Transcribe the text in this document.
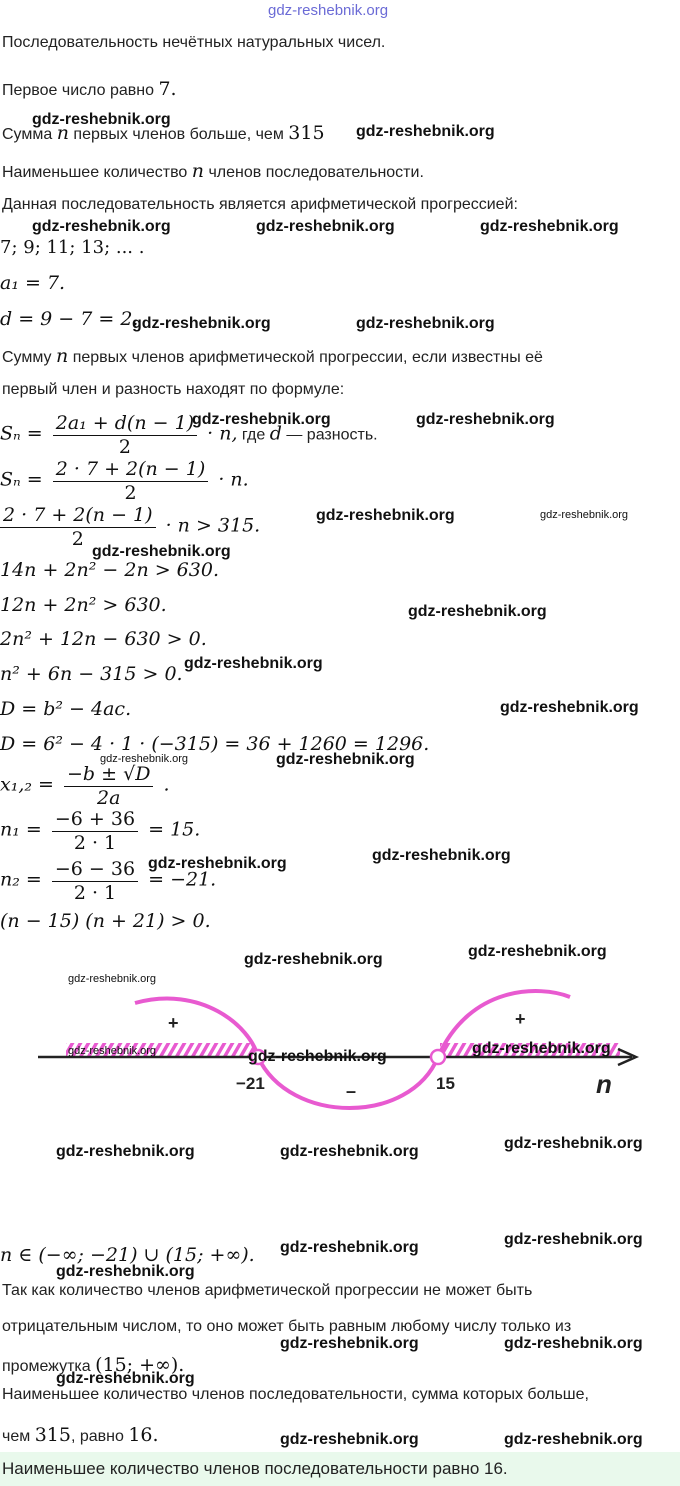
Последовательность нечётных натуральных чисел.
Первое число равно 7.
Сумма n первых членов больше, чем 315
Наименьшее количество n членов последовательности.
Данная последовательность является арифметической прогрессией:
7; 9; 11; 13; ... .
a₁ = 7.
d = 9 − 7 = 2.
Сумму n первых членов арифметической прогрессии, если известны её
первый член и разность находят по формуле:
$S_n = \frac{\text{2a₁ + d(n − 1)}}{2} \cdot n$, где d — разность.
$S_n = \frac{2 \cdot 7 + 2(n - 1)}{2} \cdot n$.
$\frac{2 \cdot 7 + 2(n - 1)}{2} \cdot n > 315$.
14n + 2n² − 2n > 630.
12n + 2n² > 630.
2n² + 12n − 630 > 0.
n² + 6n − 315 > 0.
D = b² − 4ac.
D = 6² − 4 · 1 · (−315) = 36 + 1260 = 1296.
$x_1,_2 = \frac{-b \pm √D}{2a}$ .
$n_1 = \frac{-6 + 36}{2 \cdot 1} = 15$.
$n_2 = \frac{-6 - 36}{2 \cdot 1} = -21$.
(n − 15) (n + 21) > 0.
−21	15	n
+
–
+
n ∈ (−∞; −21) ∪ (15; +∞).
Так как количество членов арифметической прогрессии не может быть
отрицательным числом, то оно может быть равным любому числу только из
промежутка (15; +∞).
Наименьшее количество членов последовательности, сумма которых больше,
чем 315, равно 16.
Наименьшее количество членов последовательности равно 16.
gdz-reshebnik.org
gdz-reshebnik.org
gdz-reshebnik.org
gdz-reshebnik.org	gdz-reshebnik.org	gdz-reshebnik.org
gdz-reshebnik.org	gdz-reshebnik.org
gdz-reshebnik.org	gdz-reshebnik.org
gdz-reshebnik.org	gdz-reshebnik.org
gdz-reshebnik.org
gdz-reshebnik.org
gdz-reshebnik.org
gdz-reshebnik.org
gdz-reshebnik.org
gdz-reshebnik.org
gdz-reshebnik.org
gdz-reshebnik.org
gdz-reshebnik.org
gdz-reshebnik.org
gdz-reshebnik.org
gdz-reshebnik.org	gdz-reshebnik.org	gdz-reshebnik.org
gdz-reshebnik.org
gdz-reshebnik.org	gdz-reshebnik.org
gdz-reshebnik.org
gdz-reshebnik.org
gdz-reshebnik.org
gdz-reshebnik.org	gdz-reshebnik.org
gdz-reshebnik.org
gdz-reshebnik.org	gdz-reshebnik.org
